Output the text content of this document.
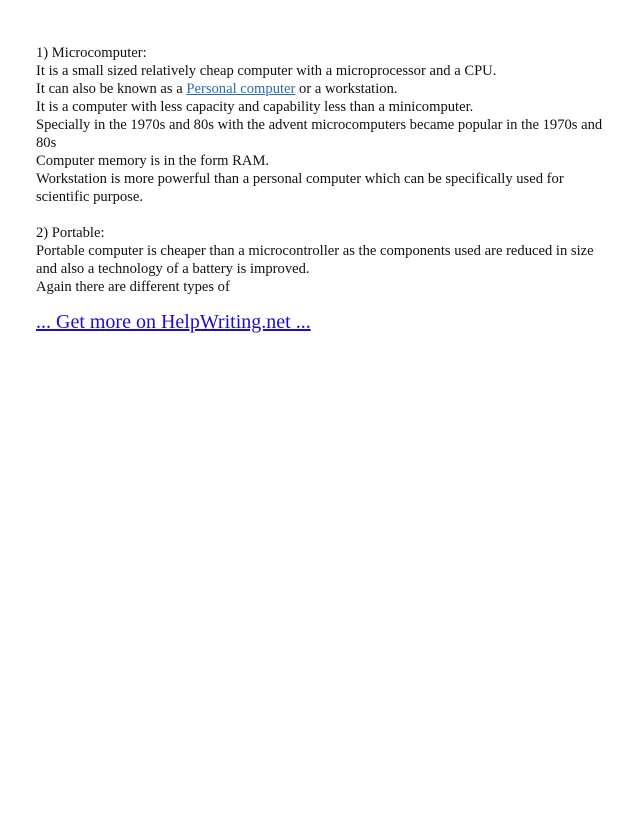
1) Microcomputer:

It is a small sized relatively cheap computer with a microprocessor and a CPU.

It can also be known as a Personal computer or a workstation.

It is a computer with less capacity and capability less than a minicomputer.

Specially in the 1970s and 80s with the advent microcomputers became popular in the 1970s and 80s

Computer memory is in the form RAM.

Workstation is more powerful than a personal computer which can be specifically used for scientific purpose.

2) Portable:

Portable computer is cheaper than a microcontroller as the components used are reduced in size and also a technology of a battery is improved.

Again there are different types of

... Get more on HelpWriting.net ...
